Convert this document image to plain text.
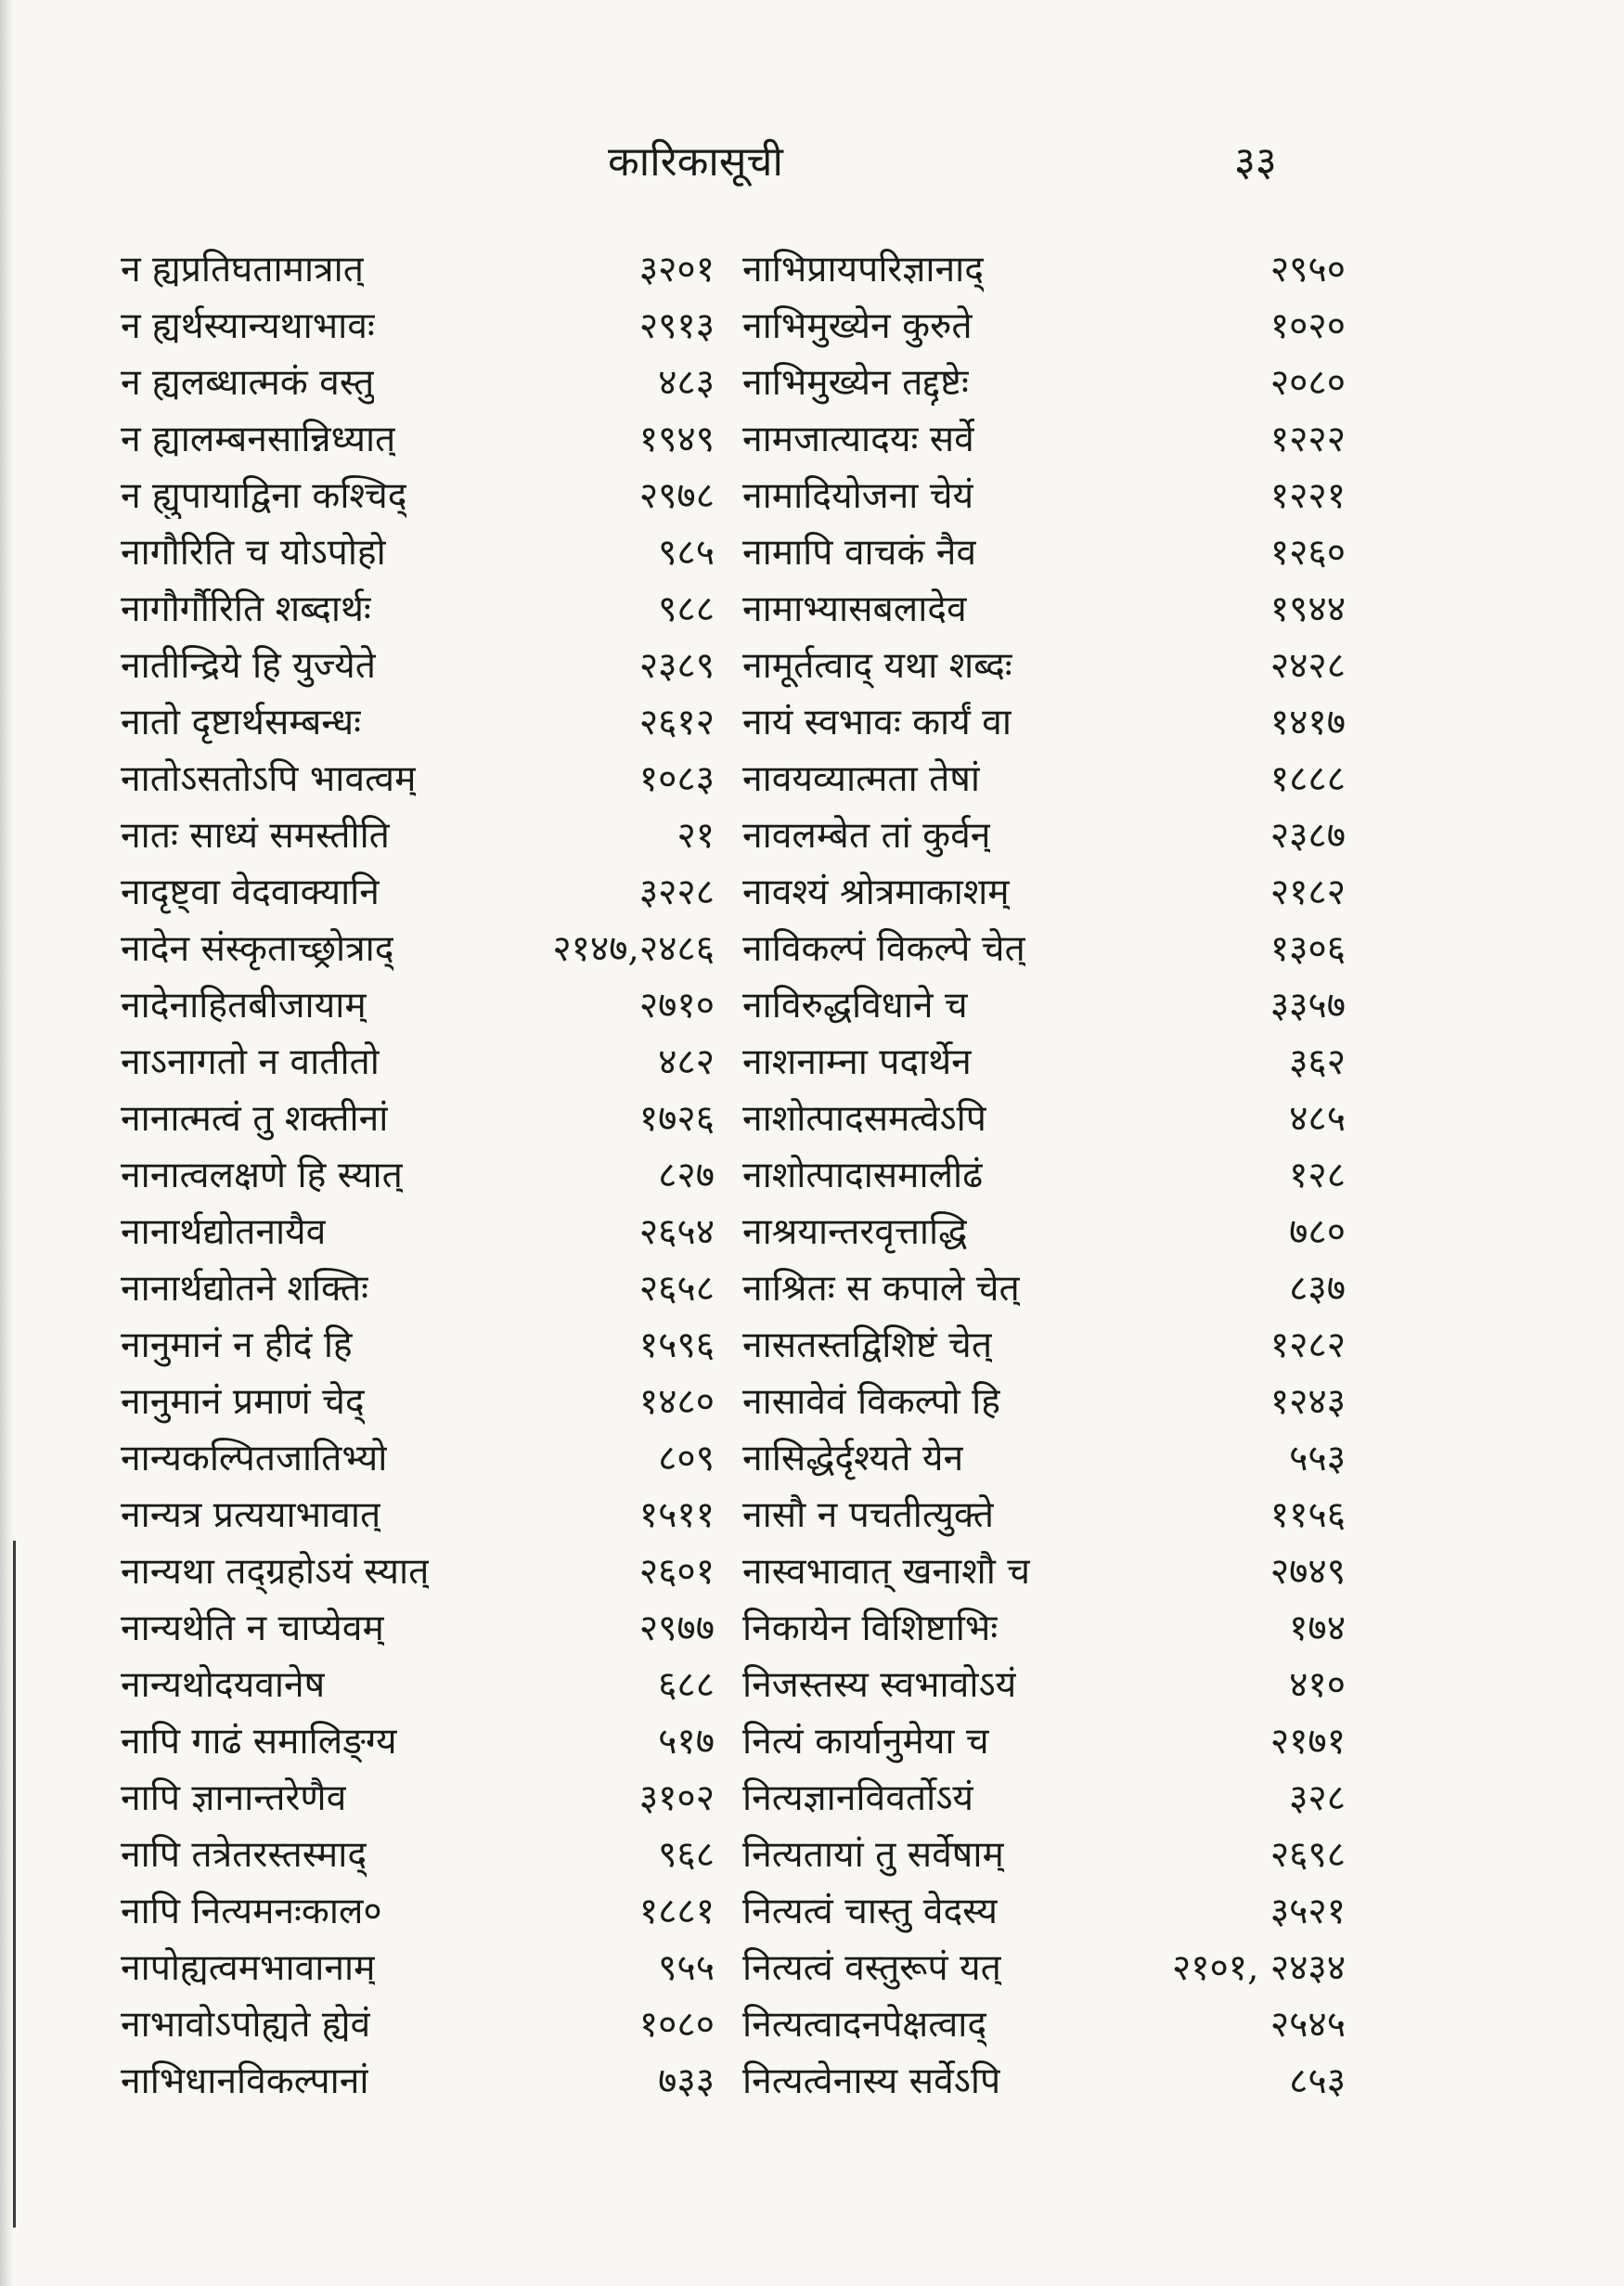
कारिकासूची	३३
न ह्यप्रतिघतामात्रात्	३२०१
न ह्यर्थस्यान्यथाभावः	२९१३
न ह्यलब्धात्मकं वस्तु	४८३
न ह्यालम्बनसान्निध्यात्	१९४९
न ह्युपायाद्विना कश्चिद्	२९७८
नागौरिति च योऽपोहो	९८५
नागौर्गौरिति शब्दार्थः	९८८
नातीन्द्रिये हि युज्येते	२३८९
नातो दृष्टार्थसम्बन्धः	२६१२
नातोऽसतोऽपि भावत्वम्	१०८३
नातः साध्यं समस्तीति	२१
नादृष्ट्वा वेदवाक्यानि	३२२८
नादेन संस्कृताच्छ्रोत्राद्	२१४७,२४८६
नादेनाहितबीजायाम्	२७१०
नाऽनागतो न वातीतो	४८२
नानात्मत्वं तु शक्तीनां	१७२६
नानात्वलक्षणे हि स्यात्	८२७
नानार्थद्योतनायैव	२६५४
नानार्थद्योतने शक्तिः	२६५८
नानुमानं न हीदं हि	१५९६
नानुमानं प्रमाणं चेद्	१४८०
नान्यकल्पितजातिभ्यो	८०९
नान्यत्र प्रत्ययाभावात्	१५११
नान्यथा तद्ग्रहोऽयं स्यात्	२६०१
नान्यथेति न चाप्येवम्	२९७७
नान्यथोदयवानेष	६८८
नापि गाढं समालिङ्ग्य	५१७
नापि ज्ञानान्तरेणैव	३१०२
नापि तत्रेतरस्तस्माद्	९६८
नापि नित्यमनःकाल०	१८८१
नापोह्यत्वमभावानाम्	९५५
नाभावोऽपोह्यते ह्येवं	१०८०
नाभिधानविकल्पानां	७३३
नाभिप्रायपरिज्ञानाद्	२९५०
नाभिमुख्येन कुरुते	१०२०
नाभिमुख्येन तद्दृष्टेः	२०८०
नामजात्यादयः सर्वे	१२२२
नामादियोजना चेयं	१२२१
नामापि वाचकं नैव	१२६०
नामाभ्यासबलादेव	१९४४
नामूर्तत्वाद् यथा शब्दः	२४२८
नायं स्वभावः कार्यं वा	१४१७
नावयव्यात्मता तेषां	१८८८
नावलम्बेत तां कुर्वन्	२३८७
नावश्यं श्रोत्रमाकाशम्	२१८२
नाविकल्पं विकल्पे चेत्	१३०६
नाविरुद्धविधाने च	३३५७
नाशनाम्ना पदार्थेन	३६२
नाशोत्पादसमत्वेऽपि	४८५
नाशोत्पादासमालीढं	१२८
नाश्रयान्तरवृत्ताद्धि	७८०
नाश्रितः स कपाले चेत्	८३७
नासतस्तद्विशिष्टं चेत्	१२८२
नासावेवं विकल्पो हि	१२४३
नासिद्धेर्दृश्यते येन	५५३
नासौ न पचतीत्युक्ते	११५६
नास्वभावात् खनाशौ च	२७४९
निकायेन विशिष्टाभिः	१७४
निजस्तस्य स्वभावोऽयं	४१०
नित्यं कार्यानुमेया च	२१७१
नित्यज्ञानविवर्तोऽयं	३२८
नित्यतायां तु सर्वेषाम्	२६९८
नित्यत्वं चास्तु वेदस्य	३५२१
नित्यत्वं वस्तुरूपं यत्	२१०१, २४३४
नित्यत्वादनपेक्षत्वाद्	२५४५
नित्यत्वेनास्य सर्वेऽपि	८५३
